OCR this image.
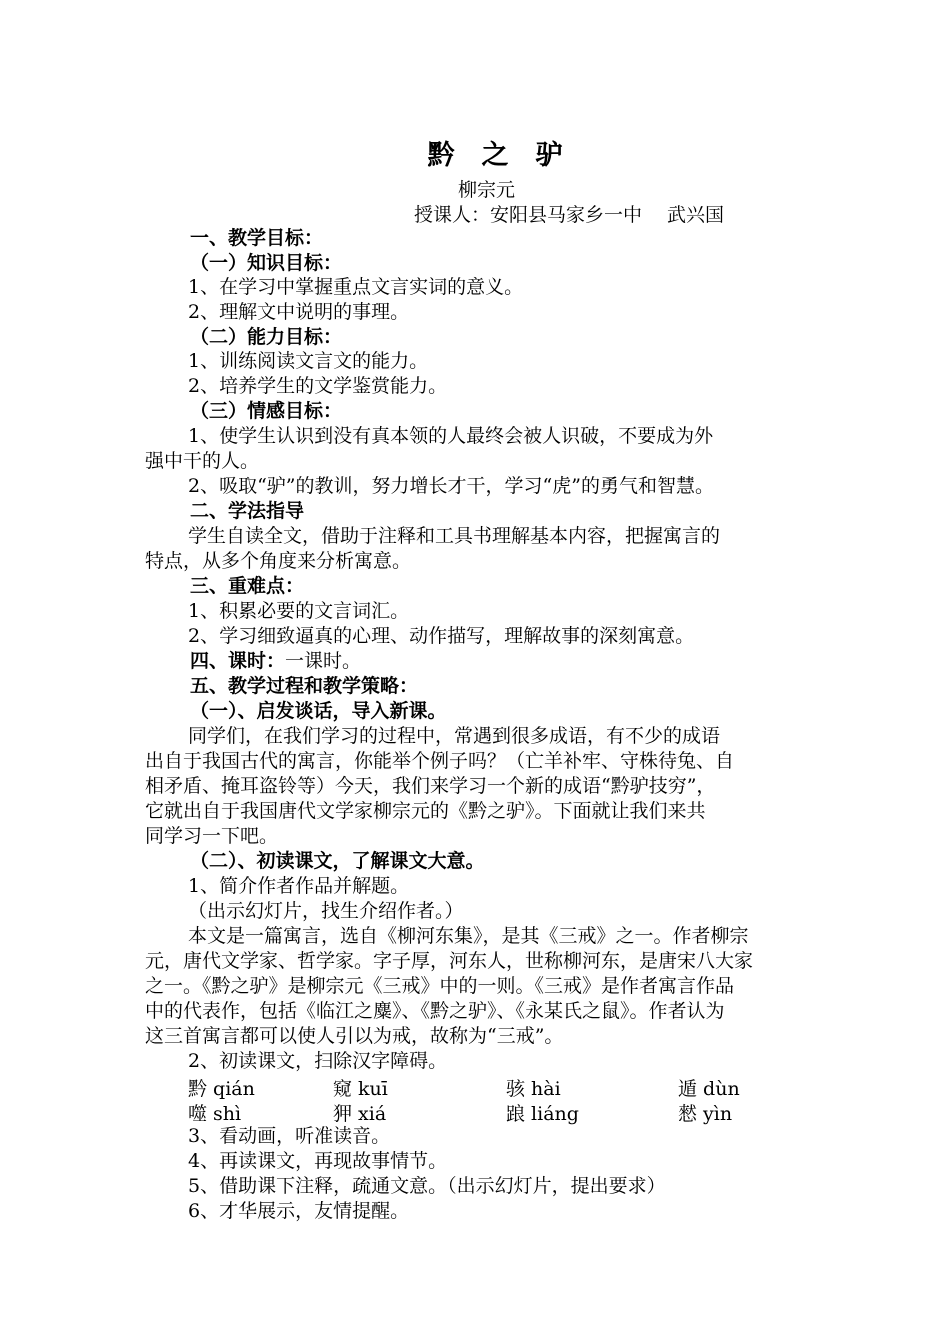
黔　之　驴
柳宗元
授课人：安阳县马家乡一中　 武兴国
一、教学目标：
（一）知识目标：
1、在学习中掌握重点文言实词的意义。
2、理解文中说明的事理。
（二）能力目标：
1、训练阅读文言文的能力。
2、培养学生的文学鉴赏能力。
（三）情感目标：
1、使学生认识到没有真本领的人最终会被人识破，不要成为外
强中干的人。
2、吸取“驴”的教训，努力增长才干，学习“虎”的勇气和智慧。
二、学法指导
学生自读全文，借助于注释和工具书理解基本内容，把握寓言的
特点，从多个角度来分析寓意。
三、重难点：
1、积累必要的文言词汇。
2、学习细致逼真的心理、动作描写，理解故事的深刻寓意。
四、课时：一课时。
五、教学过程和教学策略：
（一）、启发谈话，导入新课。
同学们，在我们学习的过程中，常遇到很多成语，有不少的成语
出自于我国古代的寓言，你能举个例子吗？（亡羊补牢、守株待兔、自
相矛盾、掩耳盗铃等）今天，我们来学习一个新的成语“黔驴技穷”，
它就出自于我国唐代文学家柳宗元的《黔之驴》。下面就让我们来共
同学习一下吧。
（二）、初读课文，了解课文大意。
1、简介作者作品并解题。
（出示幻灯片，找生介绍作者。）
本文是一篇寓言，选自《柳河东集》，是其《三戒》之一。作者柳宗
元，唐代文学家、哲学家。字子厚，河东人，世称柳河东，是唐宋八大家
之一。《黔之驴》是柳宗元《三戒》中的一则。《三戒》是作者寓言作品
中的代表作，包括《临江之麋》、《黔之驴》、《永某氏之鼠》。作者认为
这三首寓言都可以使人引以为戒，故称为“三戒”。
2、初读课文，扫除汉字障碍。
黔 qián	窥 kuī	骇 hài	遁 dùn
噬 shì	狎 xiá	踉 liáng	憖 yìn
3、看动画，听准读音。
4、再读课文，再现故事情节。
5、借助课下注释，疏通文意。（出示幻灯片，提出要求）
6、才华展示，友情提醒。
